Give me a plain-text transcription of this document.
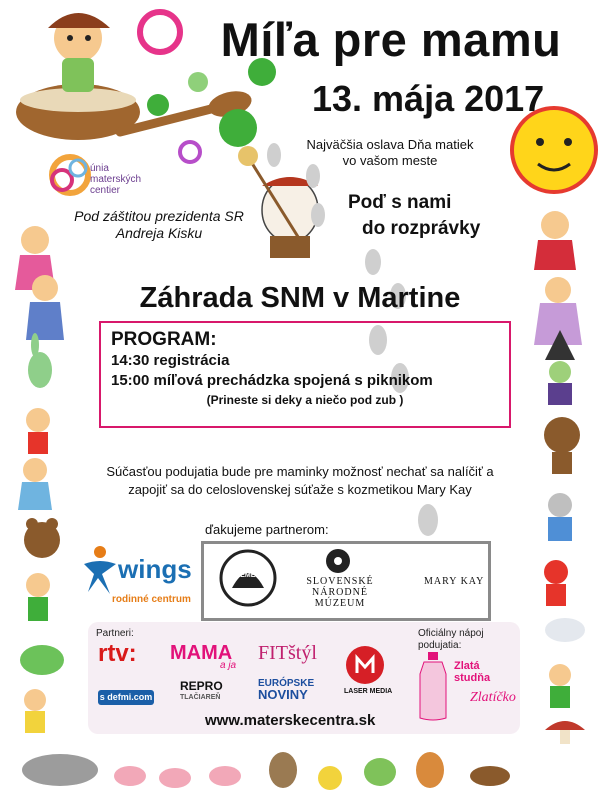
Míľa pre mamu
13. mája 2017
Najväčšia oslava Dňa matiek
vo vašom meste
únia
materských
centier
Pod záštitou prezidenta SR
Andreja Kisku
Poď s nami
do rozprávky
Záhrada SNM v Martine
PROGRAM:
14:30 registrácia
15:00 míľová prechádzka spojená s piknikom
(Prineste si deky a niečo pod zub )
Súčasťou podujatia bude pre maminky možnosť nechať sa nalíčiť a
zapojiť sa do celoslovenskej súťaže s kozmetikou Mary Kay
ďakujeme partnerom:
wings
rodinné centrum
PREMENA
SLOVENSKÉ
NÁRODNÉ
MÚZEUM
MARY KAY
Partneri:
rtv: MAMA
a ja
FITštýl
s defmi.com
REPRO
TLAČIAREŇ
EURÓPSKE
NOVINY	LASER MEDIA
Oficiálny nápoj
podujatia:
Zlatá
studňa
Zlatíčko
www.materskecentra.sk
